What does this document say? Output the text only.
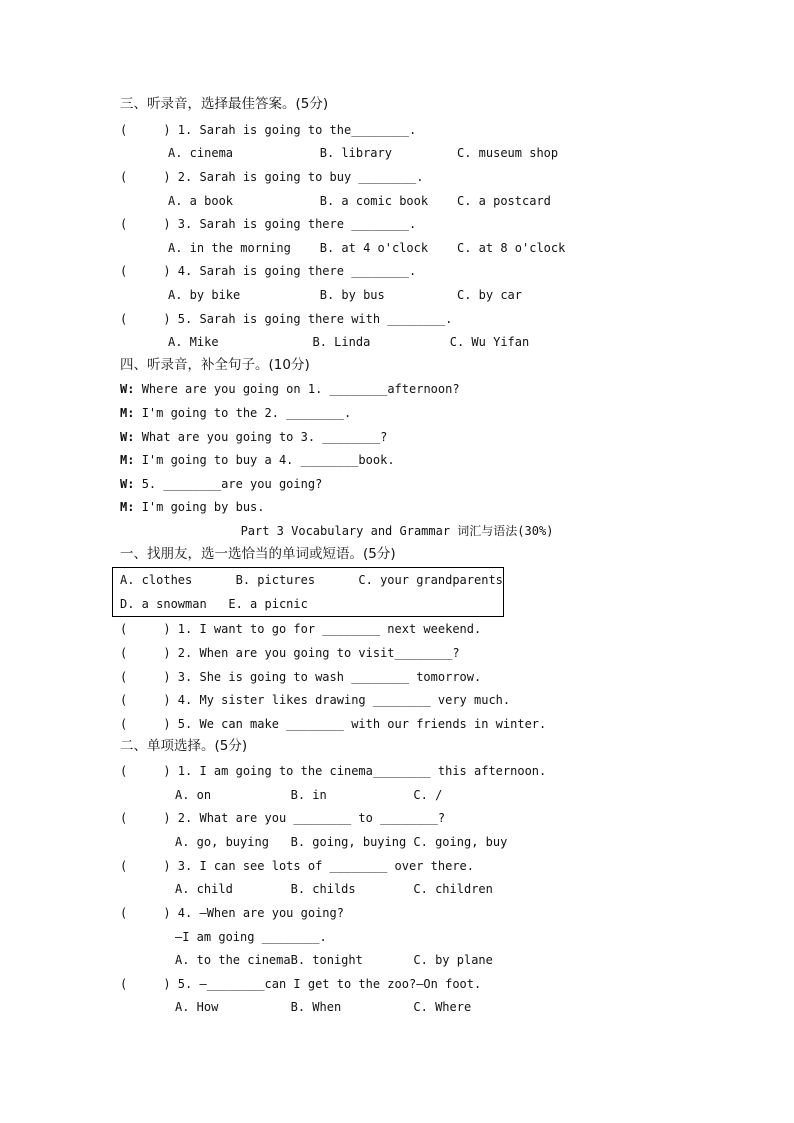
三、听录音，选择最佳答案。(5分)
(     ) 1. Sarah is going to the________.
A. cinema            B. library         C. museum shop
(     ) 2. Sarah is going to buy ________.
A. a book            B. a comic book    C. a postcard
(     ) 3. Sarah is going there ________.
A. in the morning    B. at 4 o'clock    C. at 8 o'clock
(     ) 4. Sarah is going there ________.
A. by bike           B. by bus          C. by car
(     ) 5. Sarah is going there with ________.
A. Mike             B. Linda           C. Wu Yifan
四、听录音，补全句子。(10分)
W: Where are you going on 1. ________afternoon?
M: I'm going to the 2. ________.
W: What are you going to 3. ________?
M: I'm going to buy a 4. ________book.
W: 5. ________are you going?
M: I'm going by bus.
Part 3 Vocabulary and Grammar 词汇与语法(30%)
一、找朋友，选一选恰当的单词或短语。(5分)
A. clothes      B. pictures      C. your grandparents
D. a snowman   E. a picnic
(     ) 1. I want to go for ________ next weekend.
(     ) 2. When are you going to visit________?
(     ) 3. She is going to wash ________ tomorrow.
(     ) 4. My sister likes drawing ________ very much.
(     ) 5. We can make ________ with our friends in winter.
二、单项选择。(5分)
(     ) 1. I am going to the cinema________ this afternoon.
A. on           B. in            C. /
(     ) 2. What are you ________ to ________?
A. go, buying   B. going, buying C. going, buy
(     ) 3. I can see lots of ________ over there.
A. child        B. childs        C. children
(     ) 4. —When are you going?
—I am going ________.
A. to the cinemaB. tonight       C. by plane
(     ) 5. —________can I get to the zoo?—On foot.
A. How          B. When          C. Where
